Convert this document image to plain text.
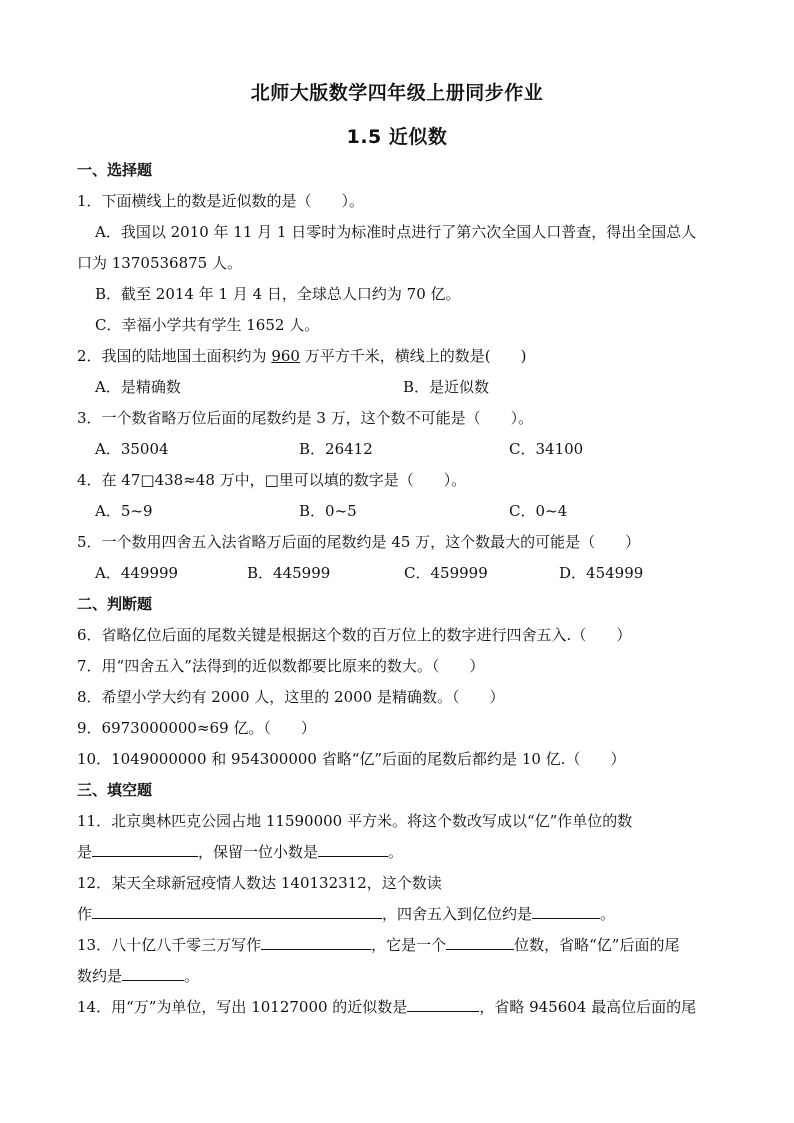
北师大版数学四年级上册同步作业
1.5 近似数
一、选择题
1．下面横线上的数是近似数的是（　　）。
A．我国以 2010 年 11 月 1 日零时为标准时点进行了第六次全国人口普查，得出全国总人
口为 1370536875 人。
B．截至 2014 年 1 月 4 日，全球总人口约为 70 亿。
C．幸福小学共有学生 1652 人。
2．我国的陆地国土面积约为 960 万平方千米，横线上的数是(　　)
A．是精确数	B．是近似数
3．一个数省略万位后面的尾数约是 3 万，这个数不可能是（　　）。
A．35004	B．26412	C．34100
4．在 47□438≈48 万中，□里可以填的数字是（　　）。
A．5~9	B．0~5	C．0~4
5．一个数用四舍五入法省略万后面的尾数约是 45 万，这个数最大的可能是（　　）
A．449999	B．445999	C．459999	D．454999
二、判断题
6．省略亿位后面的尾数关键是根据这个数的百万位上的数字进行四舍五入.（　　）
7．用“四舍五入”法得到的近似数都要比原来的数大。（　　）
8．希望小学大约有 2000 人，这里的 2000 是精确数。（　　）
9．6973000000≈69 亿。（　　）
10．1049000000 和 954300000 省略“亿”后面的尾数后都约是 10 亿.（　　）
三、填空题
11．北京奥林匹克公园占地 11590000 平方米。将这个数改写成以“亿”作单位的数
是	，保留一位小数是	。
12．某天全球新冠疫情人数达 140132312，这个数读
作	，四舍五入到亿位约是	。
13．八十亿八千零三万写作	，它是一个	位数，省略“亿”后面的尾
数约是	。
14．用“万”为单位，写出 10127000 的近似数是	，省略 945604 最高位后面的尾
